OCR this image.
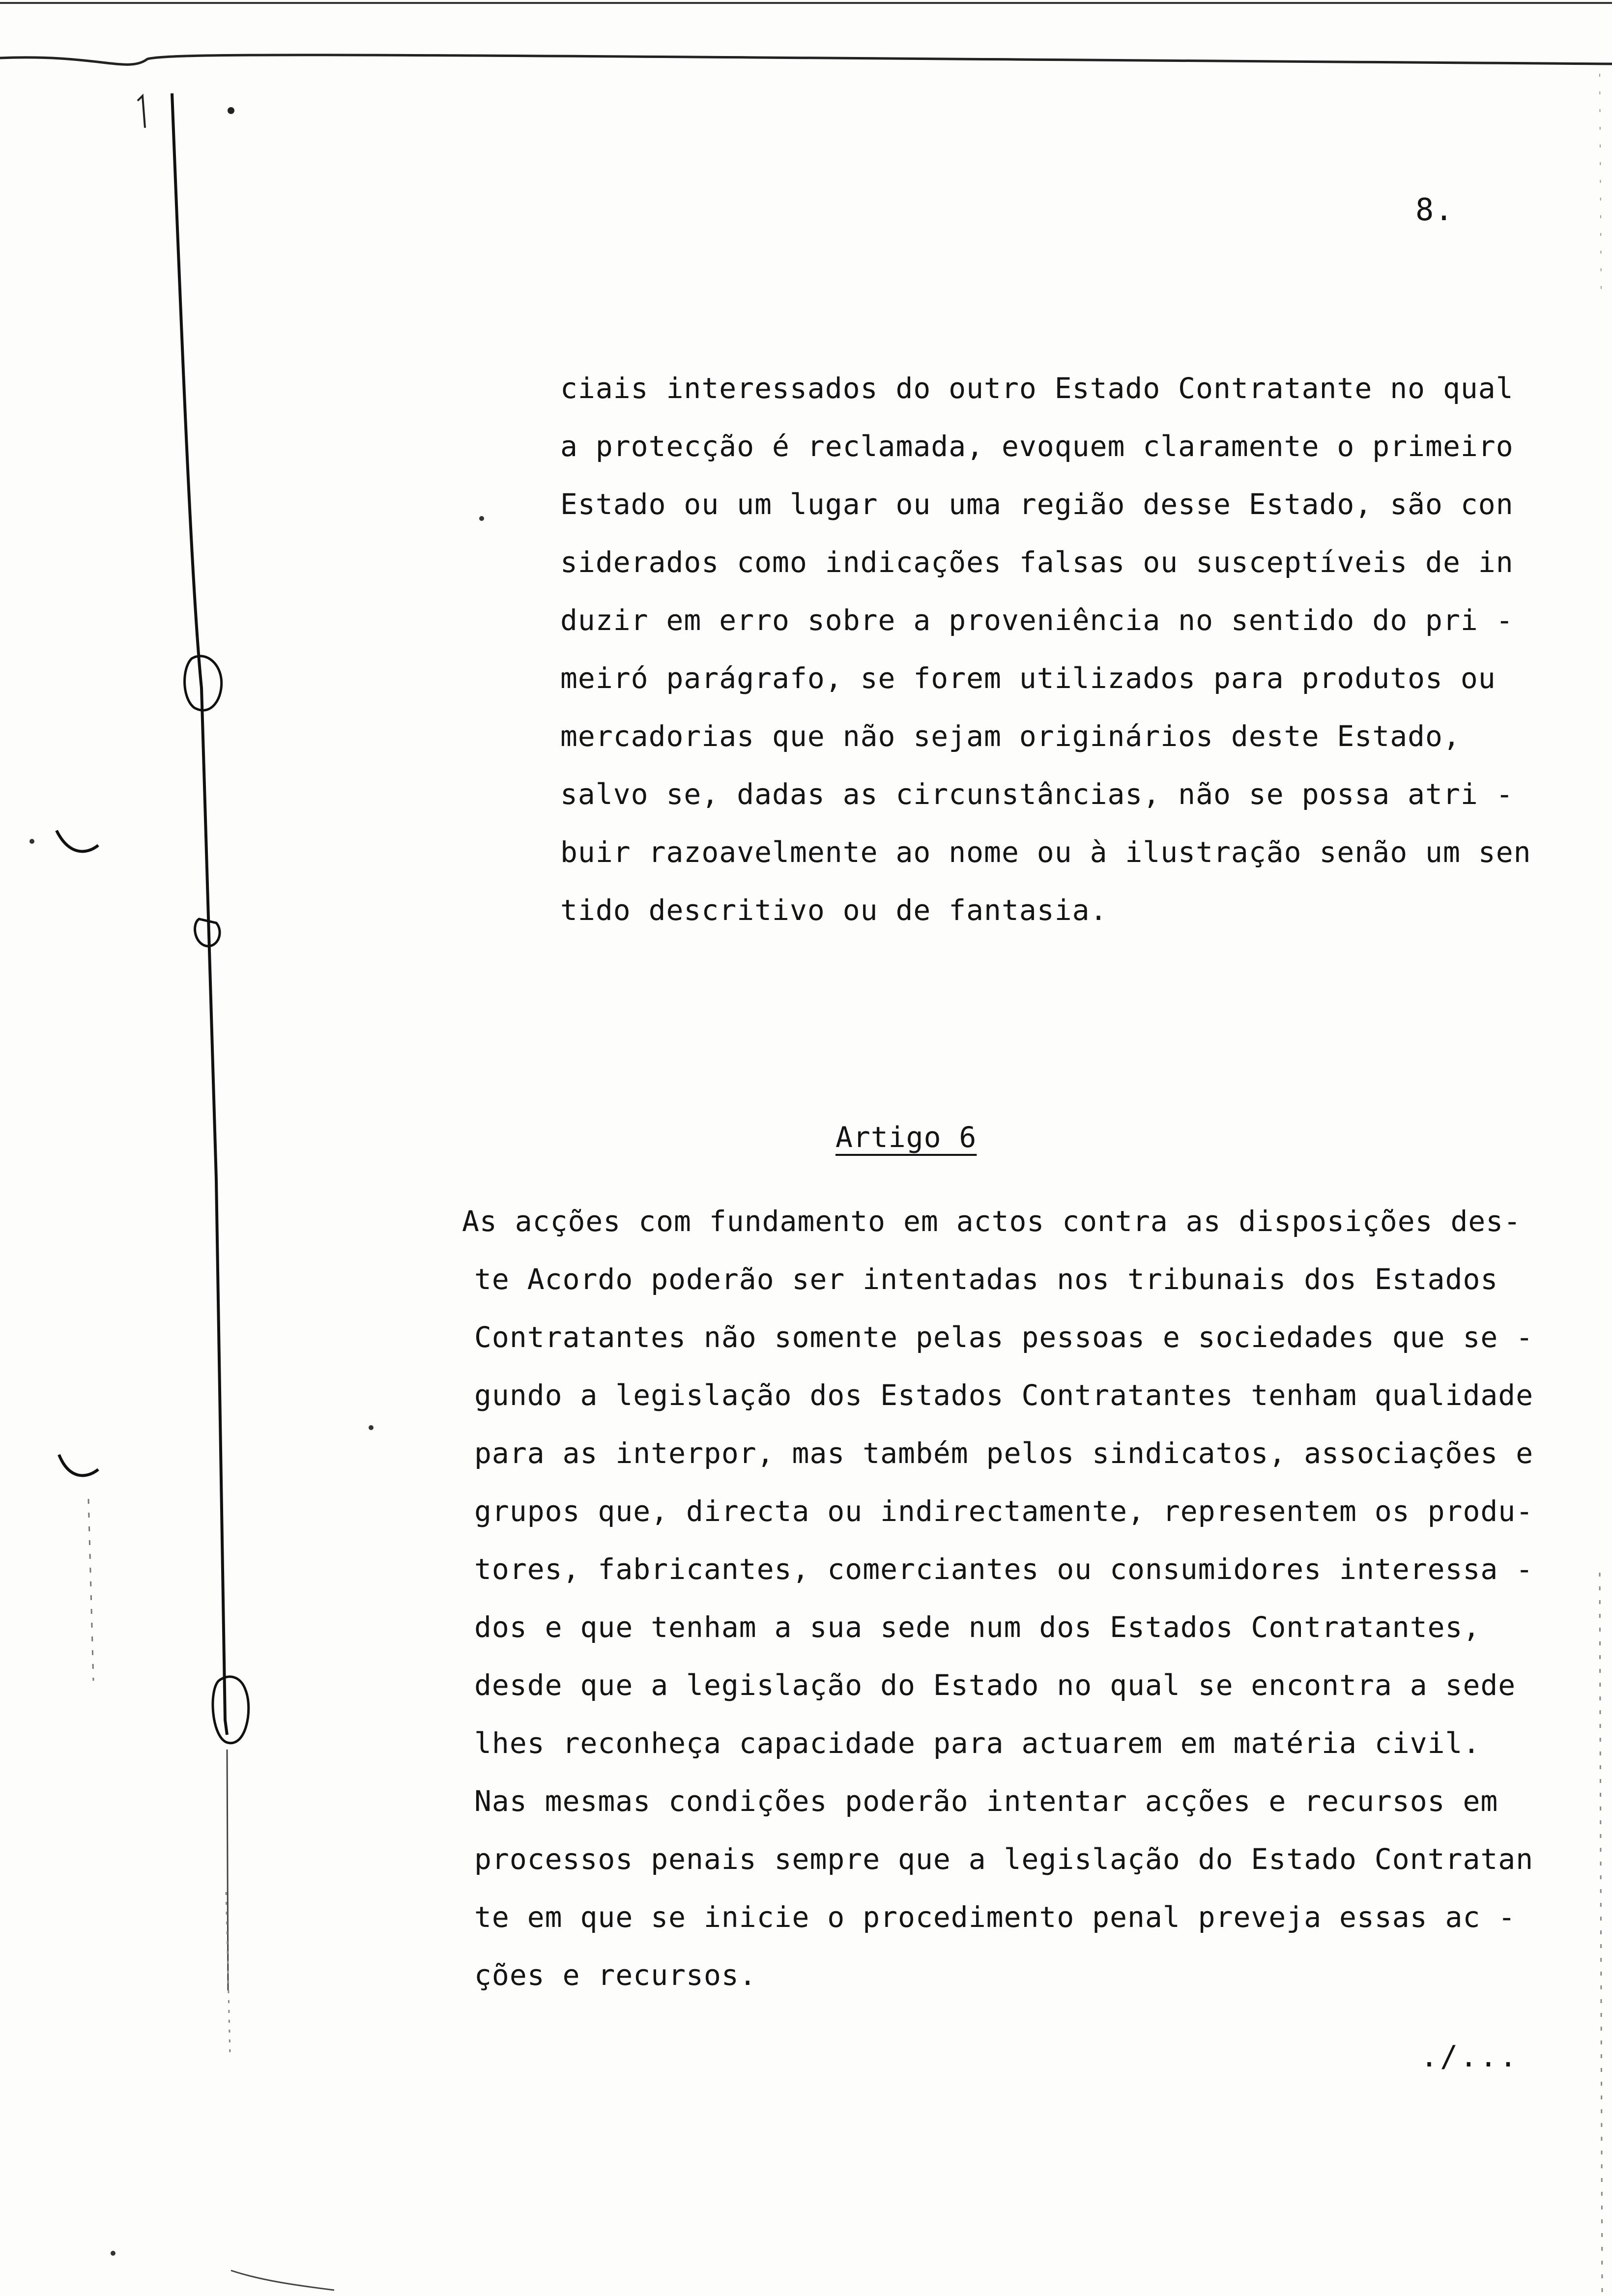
8.
ciais interessados do outro Estado Contratante no qual
a protecção é reclamada, evoquem claramente o primeiro
Estado ou um lugar ou uma região desse Estado, são con
siderados como indicações falsas ou susceptíveis de in
duzir em erro sobre a proveniência no sentido do pri -
meiró parágrafo, se forem utilizados para produtos ou
mercadorias que não sejam originários deste Estado,
salvo se, dadas as circunstâncias, não se possa atri -
buir razoavelmente ao nome ou à ilustração senão um sen
tido descritivo ou de fantasia.
Artigo 6
As acções com fundamento em actos contra as disposições des-
te Acordo poderão ser intentadas nos tribunais dos Estados
Contratantes não somente pelas pessoas e sociedades que se -
gundo a legislação dos Estados Contratantes tenham qualidade
para as interpor, mas também pelos sindicatos, associações e
grupos que, directa ou indirectamente, representem os produ-
tores, fabricantes, comerciantes ou consumidores interessa -
dos e que tenham a sua sede num dos Estados Contratantes,
desde que a legislação do Estado no qual se encontra a sede
lhes reconheça capacidade para actuarem em matéria civil.
Nas mesmas condições poderão intentar acções e recursos em
processos penais sempre que a legislação do Estado Contratan
te em que se inicie o procedimento penal preveja essas ac -
ções e recursos.
./...
